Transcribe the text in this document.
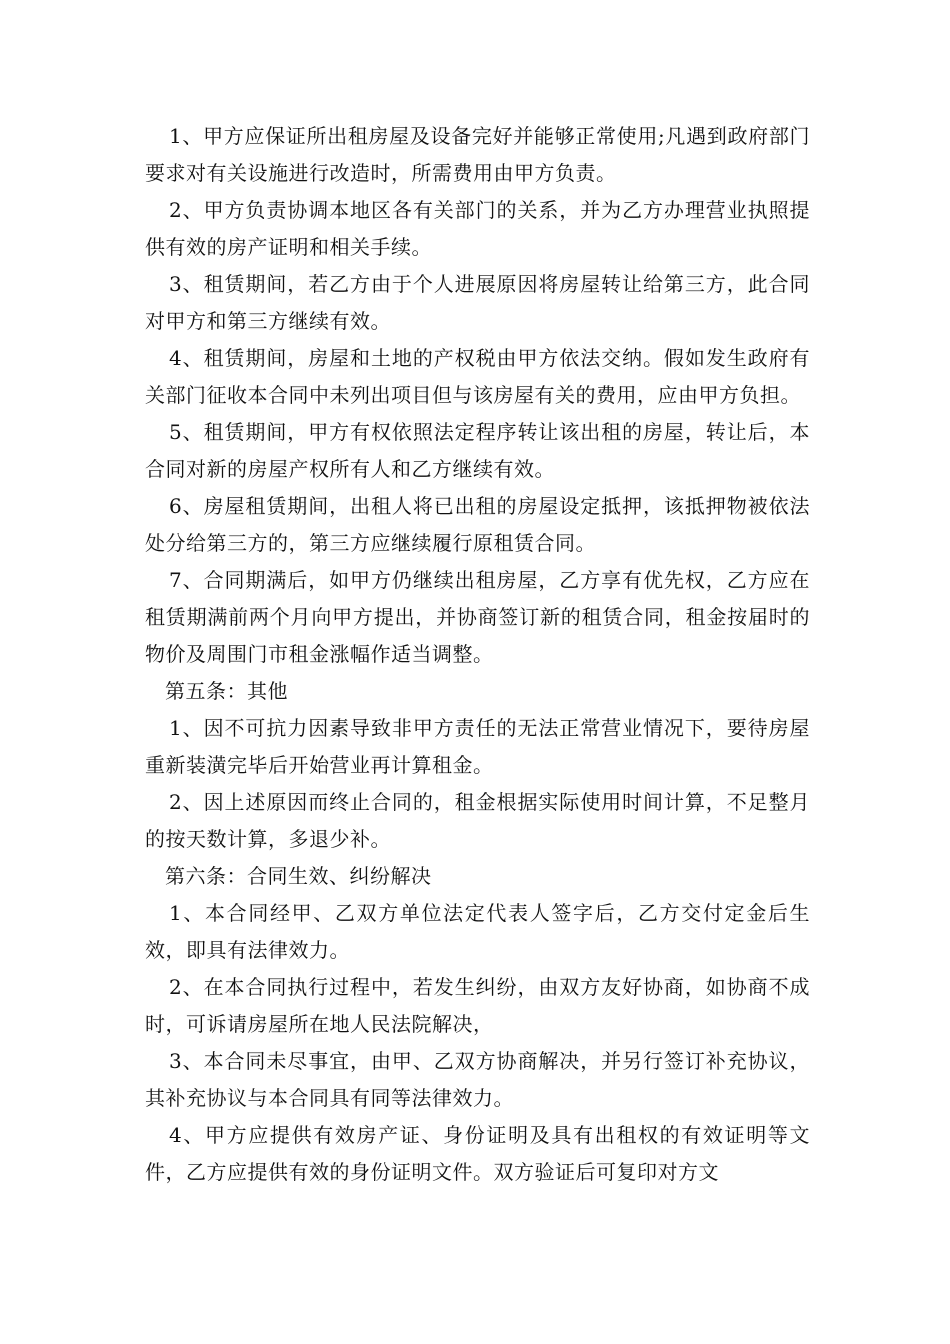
1、甲方应保证所出租房屋及设备完好并能够正常使用;凡遇到政府部门要求对有关设施进行改造时，所需费用由甲方负责。

2、甲方负责协调本地区各有关部门的关系，并为乙方办理营业执照提供有效的房产证明和相关手续。

3、租赁期间，若乙方由于个人进展原因将房屋转让给第三方，此合同对甲方和第三方继续有效。

4、租赁期间，房屋和土地的产权税由甲方依法交纳。假如发生政府有关部门征收本合同中未列出项目但与该房屋有关的费用，应由甲方负担。

5、租赁期间，甲方有权依照法定程序转让该出租的房屋，转让后，本合同对新的房屋产权所有人和乙方继续有效。

6、房屋租赁期间，出租人将已出租的房屋设定抵押，该抵押物被依法处分给第三方的，第三方应继续履行原租赁合同。

7、合同期满后，如甲方仍继续出租房屋，乙方享有优先权，乙方应在租赁期满前两个月向甲方提出，并协商签订新的租赁合同，租金按届时的物价及周围门市租金涨幅作适当调整。

第五条：其他

1、因不可抗力因素导致非甲方责任的无法正常营业情况下，要待房屋重新装潢完毕后开始营业再计算租金。

2、因上述原因而终止合同的，租金根据实际使用时间计算，不足整月的按天数计算，多退少补。

第六条：合同生效、纠纷解决

1、本合同经甲、乙双方单位法定代表人签字后，乙方交付定金后生效，即具有法律效力。

2、在本合同执行过程中，若发生纠纷，由双方友好协商，如协商不成时，可诉请房屋所在地人民法院解决，

3、本合同未尽事宜，由甲、乙双方协商解决，并另行签订补充协议，其补充协议与本合同具有同等法律效力。

4、甲方应提供有效房产证、身份证明及具有出租权的有效证明等文件，乙方应提供有效的身份证明文件。双方验证后可复印对方文
